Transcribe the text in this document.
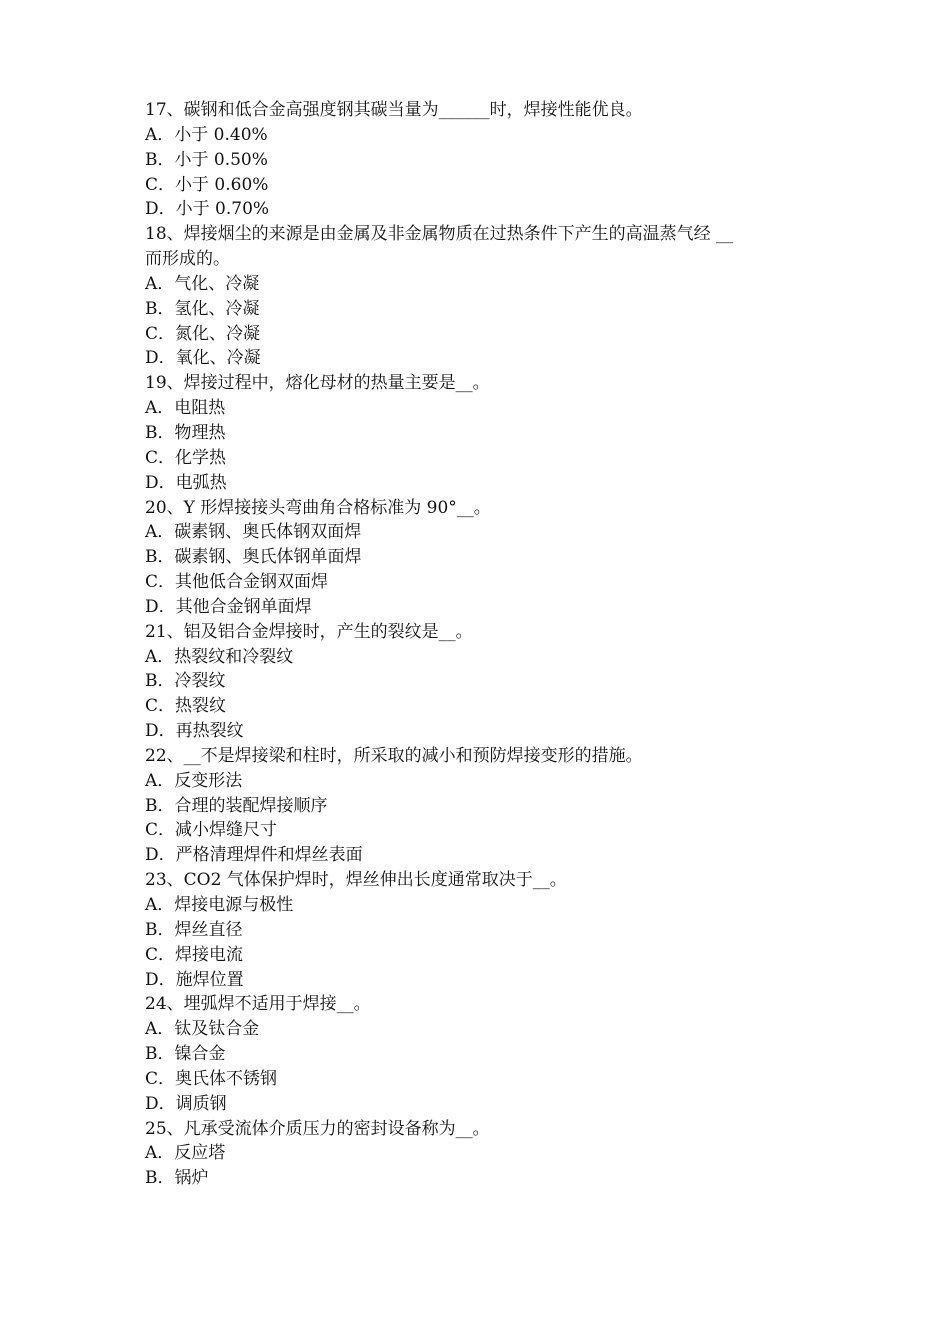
17、碳钢和低合金高强度钢其碳当量为______时，焊接性能优良。
A．小于 0.40%
B．小于 0.50%
C．小于 0.60%
D．小于 0.70%
18、焊接烟尘的来源是由金属及非金属物质在过热条件下产生的高温蒸气经 __
而形成的。
A．气化、冷凝
B．氢化、冷凝
C．氮化、冷凝
D．氧化、冷凝
19、焊接过程中，熔化母材的热量主要是__。
A．电阻热
B．物理热
C．化学热
D．电弧热
20、Y 形焊接接头弯曲角合格标准为 90°__。
A．碳素钢、奥氏体钢双面焊
B．碳素钢、奥氏体钢单面焊
C．其他低合金钢双面焊
D．其他合金钢单面焊
21、铝及铝合金焊接时，产生的裂纹是__。
A．热裂纹和冷裂纹
B．冷裂纹
C．热裂纹
D．再热裂纹
22、__不是焊接梁和柱时，所采取的减小和预防焊接变形的措施。
A．反变形法
B．合理的装配焊接顺序
C．减小焊缝尺寸
D．严格清理焊件和焊丝表面
23、CO2 气体保护焊时，焊丝伸出长度通常取决于__。
A．焊接电源与极性
B．焊丝直径
C．焊接电流
D．施焊位置
24、埋弧焊不适用于焊接__。
A．钛及钛合金
B．镍合金
C．奥氏体不锈钢
D．调质钢
25、凡承受流体介质压力的密封设备称为__。
A．反应塔
B．锅炉
